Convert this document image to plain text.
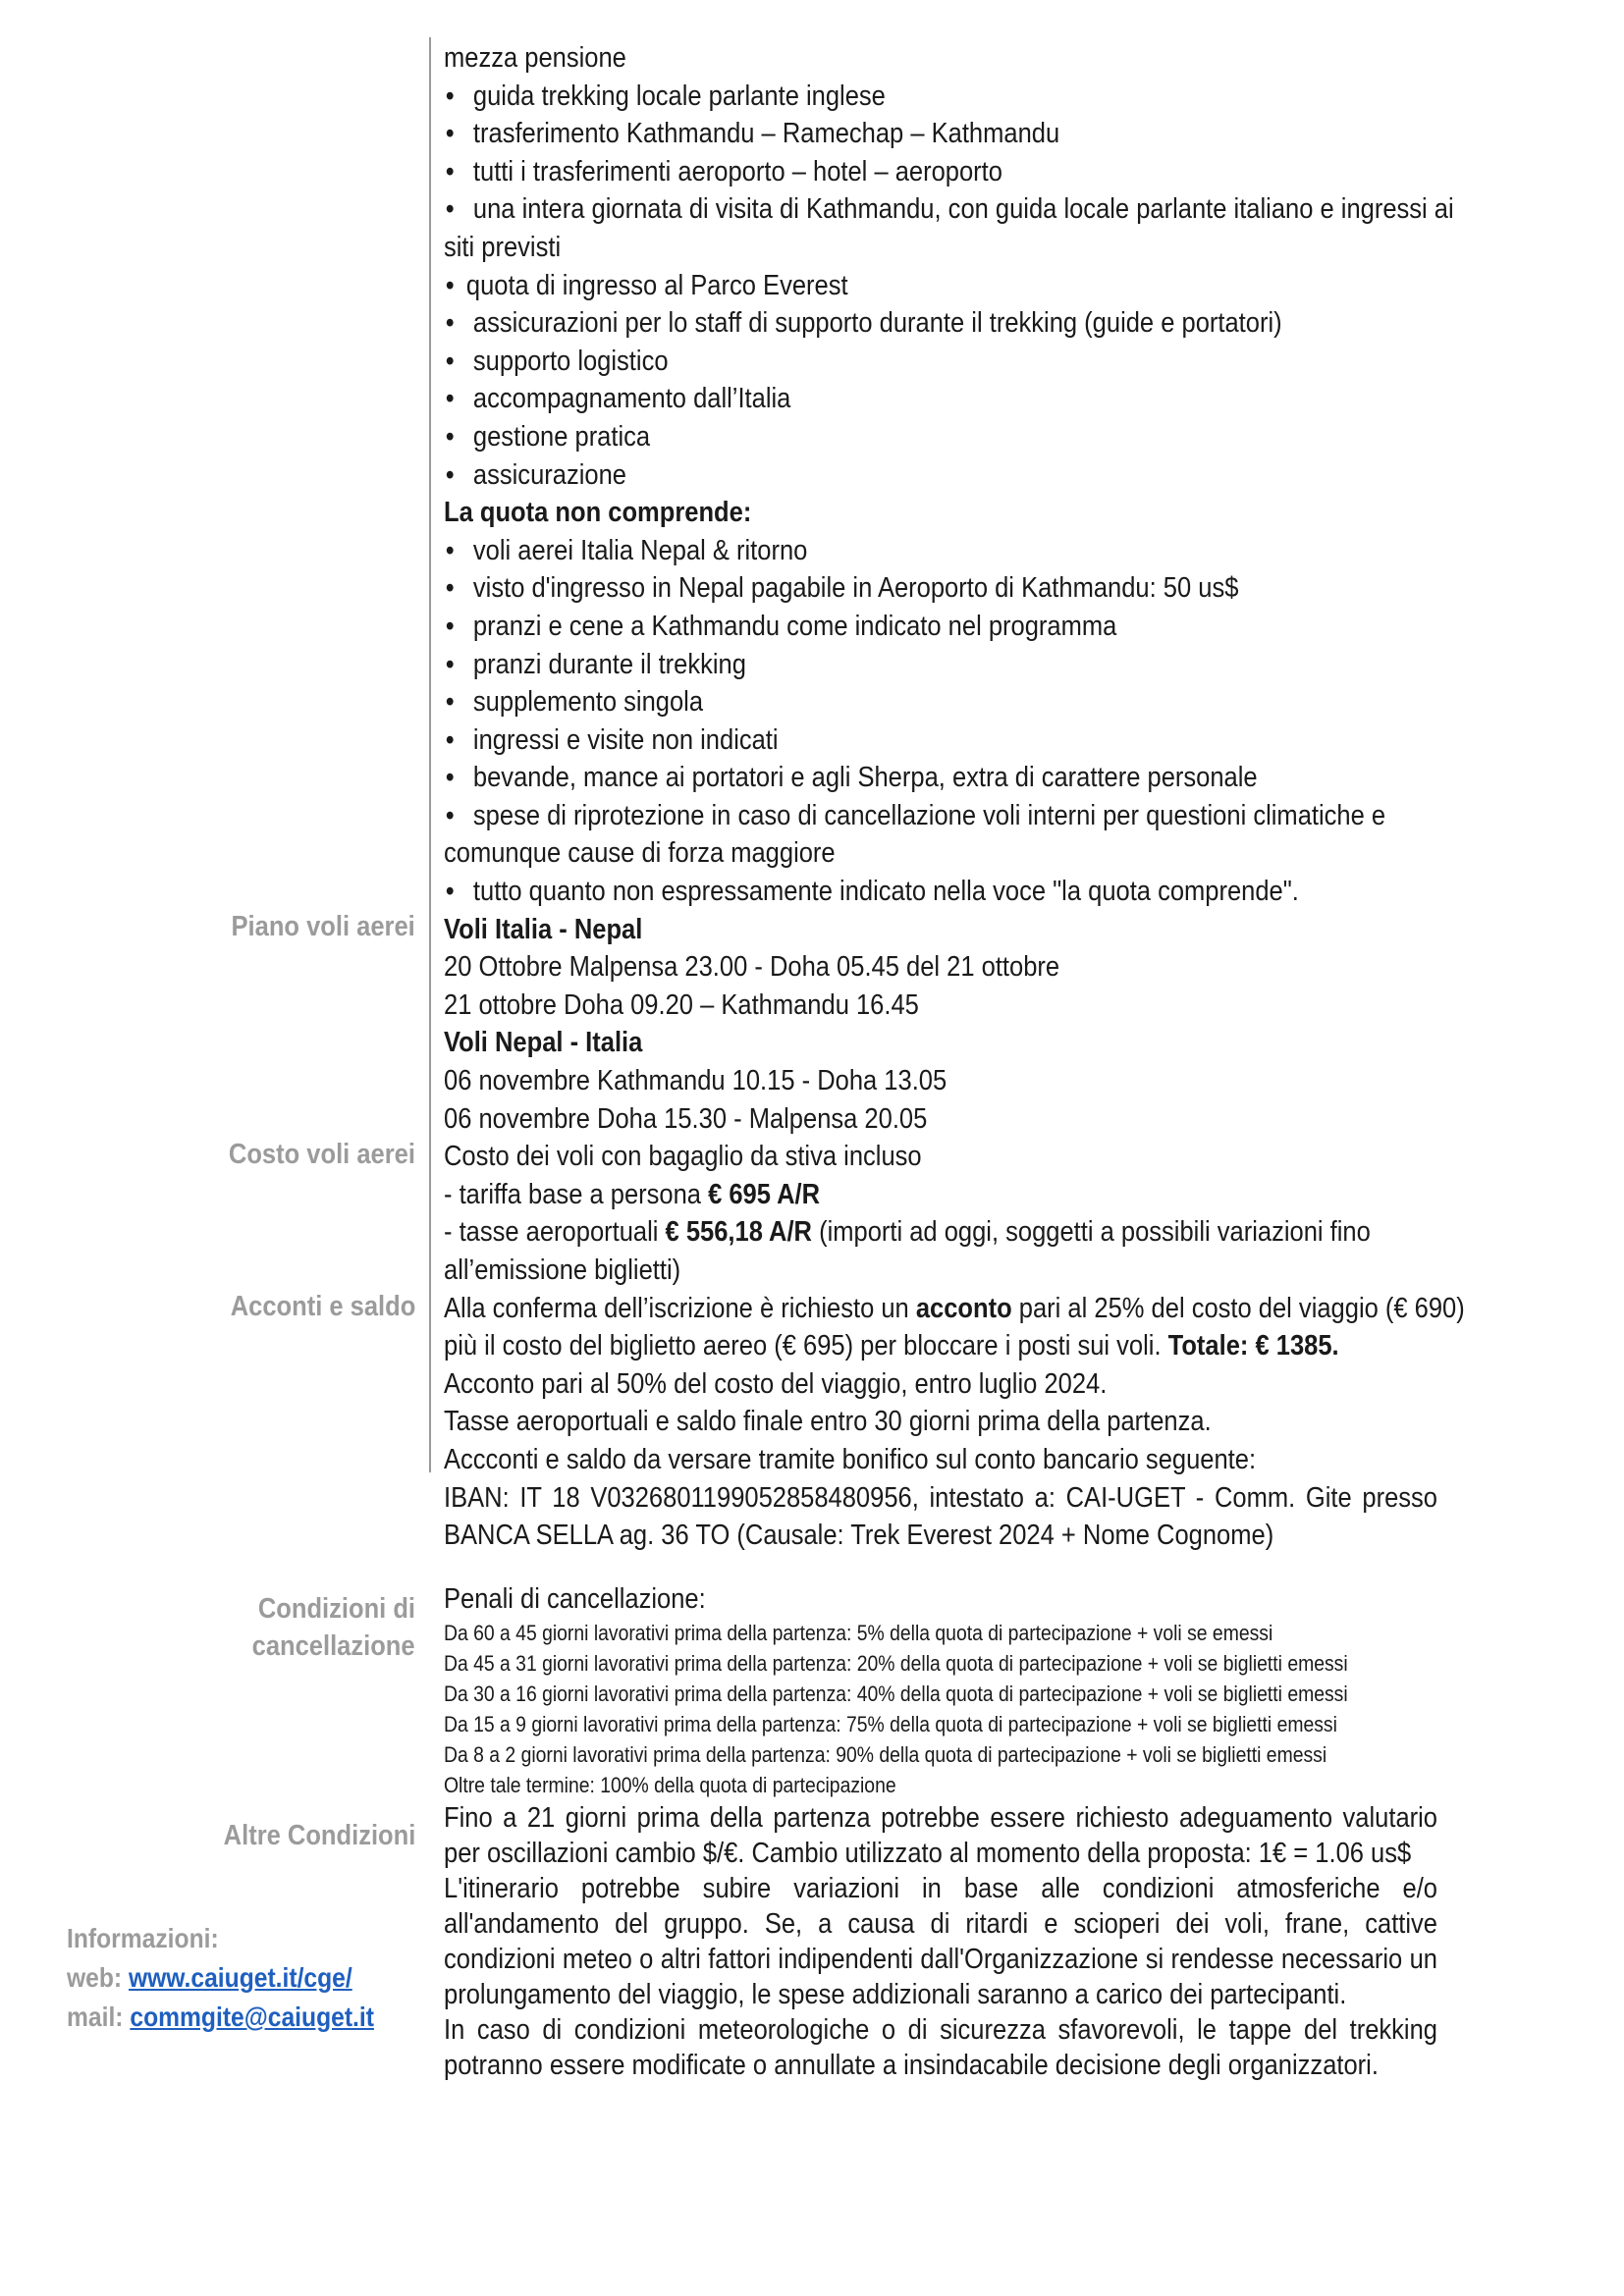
Piano voli aerei
Costo voli aerei
Acconti e saldo
Condizioni di
cancellazione
Altre Condizioni
mezza pensione
• guida trekking locale parlante inglese
• trasferimento Kathmandu – Ramechap – Kathmandu
• tutti i trasferimenti aeroporto – hotel – aeroporto
• una intera giornata di visita di Kathmandu, con guida locale parlante italiano e ingressi ai
siti previsti
• quota di ingresso al Parco Everest
• assicurazioni per lo staff di supporto durante il trekking (guide e portatori)
• supporto logistico
• accompagnamento dall’Italia
• gestione pratica
• assicurazione
La quota non comprende:
• voli aerei Italia Nepal & ritorno
• visto d'ingresso in Nepal pagabile in Aeroporto di Kathmandu: 50 us$
• pranzi e cene a Kathmandu come indicato nel programma
• pranzi durante il trekking
• supplemento singola
• ingressi e visite non indicati
• bevande, mance ai portatori e agli Sherpa, extra di carattere personale
• spese di riprotezione in caso di cancellazione voli interni per questioni climatiche e
comunque cause di forza maggiore
• tutto quanto non espressamente indicato nella voce "la quota comprende".
Voli Italia - Nepal
20 Ottobre Malpensa 23.00 - Doha 05.45 del 21 ottobre
21 ottobre Doha 09.20 – Kathmandu 16.45
Voli Nepal - Italia
06 novembre Kathmandu 10.15 - Doha 13.05
06 novembre Doha 15.30 - Malpensa 20.05
Costo dei voli con bagaglio da stiva incluso
- tariffa base a persona € 695 A/R
- tasse aeroportuali € 556,18 A/R (importi ad oggi, soggetti a possibili variazioni fino
all’emissione biglietti)
Alla conferma dell’iscrizione è richiesto un acconto pari al 25% del costo del viaggio (€ 690)
più il costo del biglietto aereo (€ 695) per bloccare i posti sui voli. Totale: € 1385.
Acconto pari al 50% del costo del viaggio, entro luglio 2024.
Tasse aeroportuali e saldo finale entro 30 giorni prima della partenza.
Accconti e saldo da versare tramite bonifico sul conto bancario seguente:
IBAN: IT 18 V0326801199052858480956, intestato a: CAI-UGET - Comm. Gite presso BANCA SELLA ag. 36 TO (Causale: Trek Everest 2024 + Nome Cognome)
Penali di cancellazione:
Da 60 a 45 giorni lavorativi prima della partenza: 5% della quota di partecipazione + voli se emessi
Da 45 a 31 giorni lavorativi prima della partenza: 20% della quota di partecipazione + voli se biglietti emessi
Da 30 a 16 giorni lavorativi prima della partenza: 40% della quota di partecipazione + voli se biglietti emessi
Da 15 a 9 giorni lavorativi prima della partenza: 75% della quota di partecipazione + voli se biglietti emessi
Da 8 a 2 giorni lavorativi prima della partenza: 90% della quota di partecipazione + voli se biglietti emessi
Oltre tale termine: 100% della quota di partecipazione
Fino a 21 giorni prima della partenza potrebbe essere richiesto adeguamento valutario per oscillazioni cambio $/€. Cambio utilizzato al momento della proposta: 1€ = 1.06 us$
L'itinerario potrebbe subire variazioni in base alle condizioni atmosferiche e/o all'andamento del gruppo. Se, a causa di ritardi e scioperi dei voli, frane, cattive condizioni meteo o altri fattori indipendenti dall'Organizzazione si rendesse necessario un prolungamento del viaggio, le spese addizionali saranno a carico dei partecipanti.
In caso di condizioni meteorologiche o di sicurezza sfavorevoli, le tappe del trekking potranno essere modificate o annullate a insindacabile decisione degli organizzatori.
Informazioni:
web: www.caiuget.it/cge/
mail: commgite@caiuget.it
